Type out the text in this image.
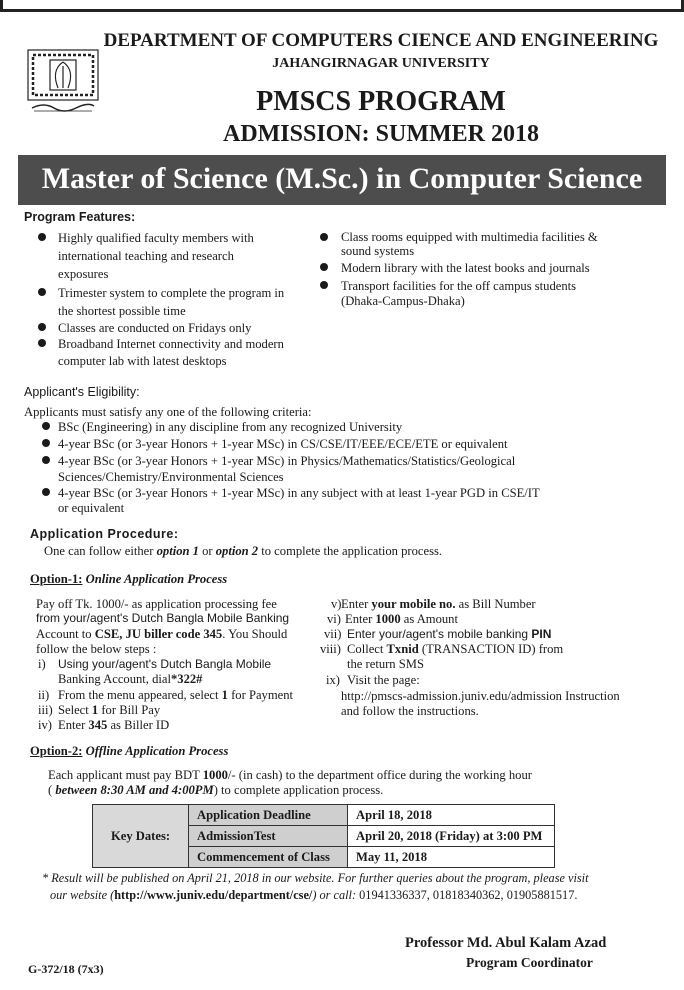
DEPARTMENT OF COMPUTERS CIENCE AND ENGINEERING
JAHANGIRNAGAR UNIVERSITY
PMSCS PROGRAM
ADMISSION: SUMMER 2018
Master of Science (M.Sc.) in Computer Science
Program Features:
Highly qualified faculty members with
international teaching and research
exposures
Trimester system to complete the program in
the shortest possible time
Classes are conducted on Fridays only
Broadband Internet connectivity and modern
computer lab with latest desktops
Class rooms equipped with multimedia facilities &
sound systems
Modern library with the latest books and journals
Transport facilities for the off campus students
(Dhaka-Campus-Dhaka)
Applicant's Eligibility:
Applicants must satisfy any one of the following criteria:
BSc (Engineering) in any discipline from any recognized University
4-year BSc (or 3-year Honors + 1-year MSc) in CS/CSE/IT/EEE/ECE/ETE or equivalent
4-year BSc (or 3-year Honors + 1-year MSc) in Physics/Mathematics/Statistics/Geological
Sciences/Chemistry/Environmental Sciences
4-year BSc (or 3-year Honors + 1-year MSc) in any subject with at least 1-year PGD in CSE/IT
or equivalent
Application Procedure:
One can follow either option 1 or option 2 to complete the application process.
Option-1: Online Application Process
Pay off Tk. 1000/- as application processing fee
from your/agent's Dutch Bangla Mobile Banking
Account to CSE, JU biller code 345. You Should
follow the below steps :
i) Using your/agent's Dutch Bangla Mobile
Banking Account, dial*322#
ii) From the menu appeared, select 1 for Payment
iii) Select 1 for Bill Pay
iv) Enter 345 as Biller ID
v) Enter your mobile no. as Bill Number
vi) Enter 1000 as Amount
vii) Enter your/agent's mobile banking PIN
viii) Collect Txnid (TRANSACTION ID) from
the return SMS
ix) Visit the page:
http://pmscs-admission.juniv.edu/admission Instruction
and follow the instructions.
Option-2: Offline Application Process
Each applicant must pay BDT 1000/- (in cash) to the department office during the working hour
( between 8:30 AM and 4:00PM) to complete application process.
Key Dates:	Application Deadline	April 18, 2018
	AdmissionTest	April 20, 2018 (Friday) at 3:00 PM
	Commencement of Class	May 11, 2018
* Result will be published on April 21, 2018 in our website. For further queries about the program, please visit
our website (http://www.juniv.edu/department/cse/) or call: 01941336337, 01818340362, 01905881517.
Professor Md. Abul Kalam Azad
Program Coordinator
G-372/18 (7x3)
